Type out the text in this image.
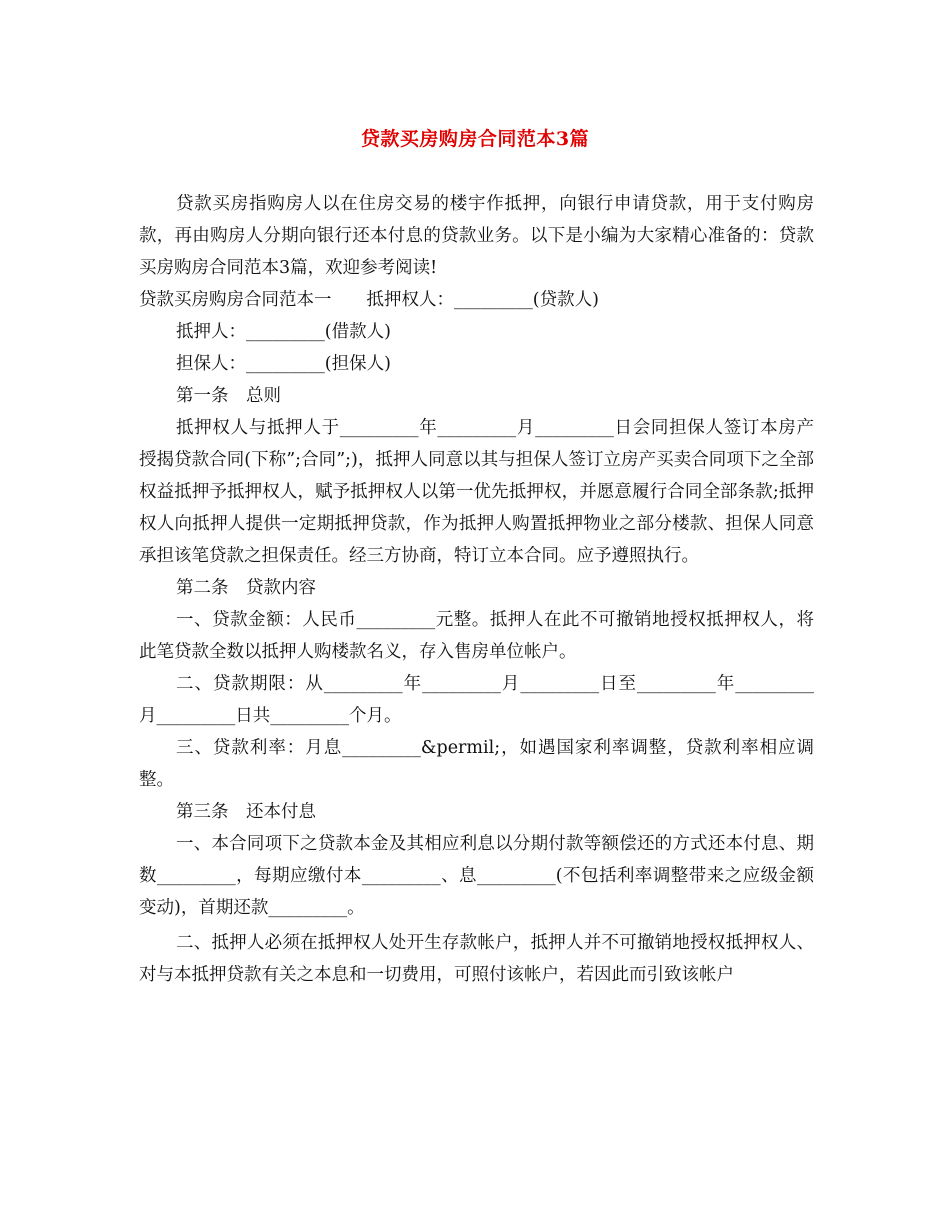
贷款买房购房合同范本3篇

贷款买房指购房人以在住房交易的楼宇作抵押，向银行申请贷款，用于支付购房款，再由购房人分期向银行还本付息的贷款业务。以下是小编为大家精心准备的：贷款买房购房合同范本3篇，欢迎参考阅读!

贷款买房购房合同范本一　　抵押权人：_________(贷款人)

抵押人：_________(借款人)

担保人：_________(担保人)

第一条　总则

抵押权人与抵押人于_________年_________月_________日会同担保人签订本房产授揭贷款合同(下称”;合同”;)，抵押人同意以其与担保人签订立房产买卖合同项下之全部权益抵押予抵押权人，赋予抵押权人以第一优先抵押权，并愿意履行合同全部条款;抵押权人向抵押人提供一定期抵押贷款，作为抵押人购置抵押物业之部分楼款、担保人同意承担该笔贷款之担保责任。经三方协商，特订立本合同。应予遵照执行。

第二条　贷款内容

一、贷款金额：人民币_________元整。抵押人在此不可撤销地授权抵押权人，将此笔贷款全数以抵押人购楼款名义，存入售房单位帐户。

二、贷款期限：从_________年_________月_________日至_________年_________月_________日共_________个月。

三、贷款利率：月息_________&permil;，如遇国家利率调整，贷款利率相应调整。

第三条　还本付息

一、本合同项下之贷款本金及其相应利息以分期付款等额偿还的方式还本付息、期数_________，每期应缴付本_________、息_________(不包括利率调整带来之应级金额变动)，首期还款_________。

二、抵押人必须在抵押权人处开生存款帐户，抵押人并不可撤销地授权抵押权人、对与本抵押贷款有关之本息和一切费用，可照付该帐户，若因此而引致该帐户
